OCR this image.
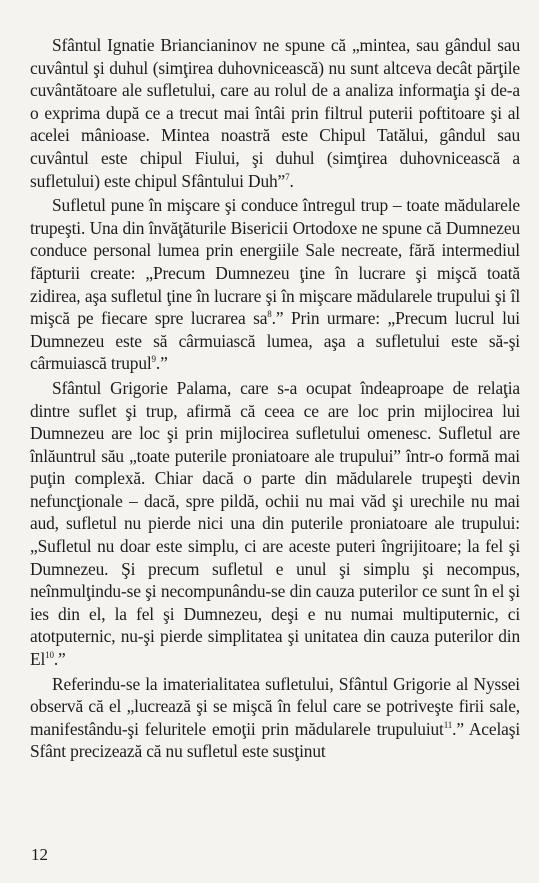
Sfântul Ignatie Briancianinov ne spune că „mintea, sau gândul sau cuvântul şi duhul (simţirea duhovnicească) nu sunt altceva decât părţile cuvântătoare ale sufletului, care au rolul de a analiza informaţia şi de-a o exprima după ce a trecut mai întâi prin filtrul puterii poftitoare şi al acelei mânioase. Mintea noastră este Chipul Tatălui, gândul sau cuvântul este chipul Fiului, şi duhul (simţirea duhovnicească a sufletului) este chipul Sfântului Duh”$^7$.

Sufletul pune în mişcare şi conduce întregul trup – toate mădularele trupeşti. Una din învăţăturile Bisericii Ortodoxe ne spune că Dumnezeu conduce personal lumea prin energiile Sale necreate, fără intermediul făpturii create: „Precum Dumnezeu ţine în lucrare şi mişcă toată zidirea, aşa sufletul ţine în lucrare şi în mişcare mădularele trupului şi îl mişcă pe fiecare spre lucrarea $sa^8$.” Prin urmare: „Precum lucrul lui Dumnezeu este să cârmuiască lumea, aşa a sufletului este să-şi cârmuiască trupul$^9$.”

Sfântul Grigorie Palama, care s-a ocupat îndeaproape de relaţia dintre suflet şi trup, afirmă că ceea ce are loc prin mijlocirea lui Dumnezeu are loc şi prin mijlocirea sufletului omenesc. Sufletul are înlăuntrul său „toate puterile proniatoare ale trupului” într-o formă mai puţin complexă. Chiar dacă o parte din mădularele trupeşti devin nefuncţionale – dacă, spre pildă, ochii nu mai văd şi urechile nu mai aud, sufletul nu pierde nici una din puterile proniatoare ale trupului: „Sufletul nu doar este simplu, ci are aceste puteri îngrijitoare; la fel şi Dumnezeu. Şi precum sufletul e unul şi simplu şi necompus, neînmulţindu-se şi necompunându-se din cauza puterilor ce sunt în el şi ies din el, la fel şi Dumnezeu, deşi e nu numai multiputernic, ci atotputernic, nu-şi pierde simplitatea şi unitatea din cauza puterilor din El$^{10}$.”

Referindu-se la imaterialitatea sufletului, Sfântul Grigorie al Nyssei observă că el „lucrează şi se mişcă în felul care se potriveşte firii sale, manifestându-şi feluritele emoţii prin mădularele trupuluiut$^{11}$.” Acelaşi Sfânt precizează că nu sufletul este susţinut

12
